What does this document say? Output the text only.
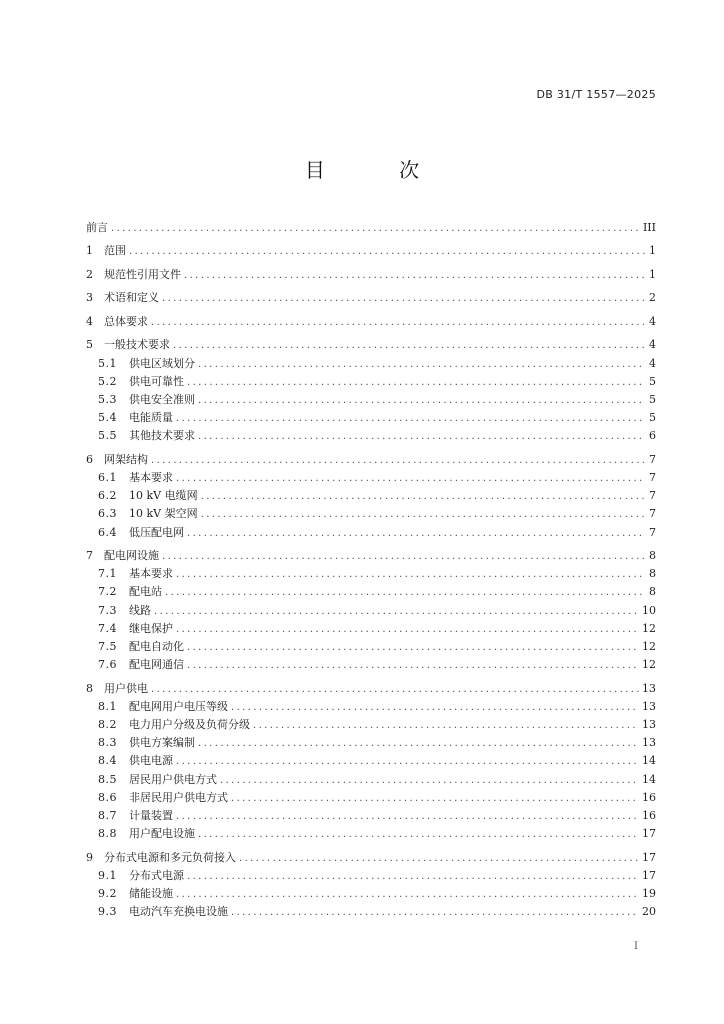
DB 31/T 1557—2025
目 次
前言 .....	III
1	范围 .....	1
2	规范性引用文件 .....	1
3	术语和定义 .....	2
4	总体要求 .....	4
5	一般技术要求 .....	4
5.1	供电区域划分 .....	4
5.2	供电可靠性 .....	5
5.3	供电安全准则 .....	5
5.4	电能质量 .....	5
5.5	其他技术要求 .....	6
6	网架结构 .....	7
6.1	基本要求 .....	7
6.2	10 kV 电缆网 .....	7
6.3	10 kV 架空网 .....	7
6.4	低压配电网 .....	7
7	配电网设施 .....	8
7.1	基本要求 .....	8
7.2	配电站 .....	8
7.3	线路 .....	10
7.4	继电保护 .....	12
7.5	配电自动化 .....	12
7.6	配电网通信 .....	12
8	用户供电 .....	13
8.1	配电网用户电压等级 .....	13
8.2	电力用户分级及负荷分级 .....	13
8.3	供电方案编制 .....	13
8.4	供电电源 .....	14
8.5	居民用户供电方式 .....	14
8.6	非居民用户供电方式 .....	16
8.7	计量装置 .....	16
8.8	用户配电设施 .....	17
9	分布式电源和多元负荷接入 .....	17
9.1	分布式电源 .....	17
9.2	储能设施 .....	19
9.3	电动汽车充换电设施 .....	20
I
